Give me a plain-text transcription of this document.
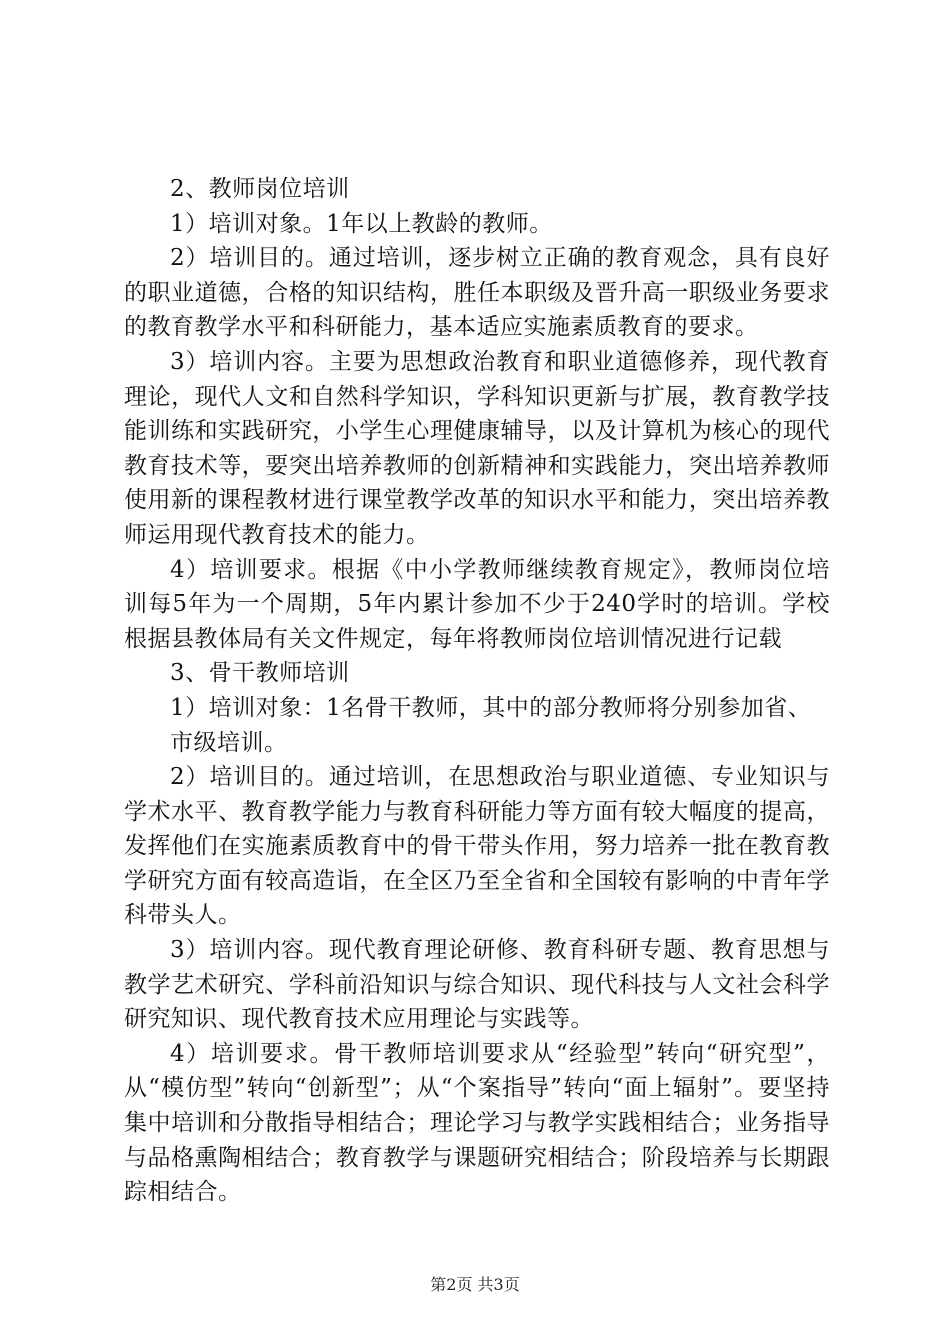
2、教师岗位培训

1）培训对象。1年以上教龄的教师。

2）培训目的。通过培训，逐步树立正确的教育观念，具有良好的职业道德，合格的知识结构，胜任本职级及晋升高一职级业务要求的教育教学水平和科研能力，基本适应实施素质教育的要求。

3）培训内容。主要为思想政治教育和职业道德修养，现代教育理论，现代人文和自然科学知识，学科知识更新与扩展，教育教学技能训练和实践研究，小学生心理健康辅导，以及计算机为核心的现代教育技术等，要突出培养教师的创新精神和实践能力，突出培养教师使用新的课程教材进行课堂教学改革的知识水平和能力，突出培养教师运用现代教育技术的能力。

4）培训要求。根据《中小学教师继续教育规定》，教师岗位培训每5年为一个周期，5年内累计参加不少于240学时的培训。学校根据县教体局有关文件规定，每年将教师岗位培训情况进行记载

3、骨干教师培训

1）培训对象：1名骨干教师，其中的部分教师将分别参加省、

市级培训。

2）培训目的。通过培训，在思想政治与职业道德、专业知识与学术水平、教育教学能力与教育科研能力等方面有较大幅度的提高，发挥他们在实施素质教育中的骨干带头作用，努力培养一批在教育教学研究方面有较高造诣，在全区乃至全省和全国较有影响的中青年学科带头人。

3）培训内容。现代教育理论研修、教育科研专题、教育思想与教学艺术研究、学科前沿知识与综合知识、现代科技与人文社会科学研究知识、现代教育技术应用理论与实践等。

4）培训要求。骨干教师培训要求从“经验型”转向“研究型”，从“模仿型”转向“创新型”；从“个案指导”转向“面上辐射”。要坚持集中培训和分散指导相结合；理论学习与教学实践相结合；业务指导与品格熏陶相结合；教育教学与课题研究相结合；阶段培养与长期跟踪相结合。

第2页 共3页
